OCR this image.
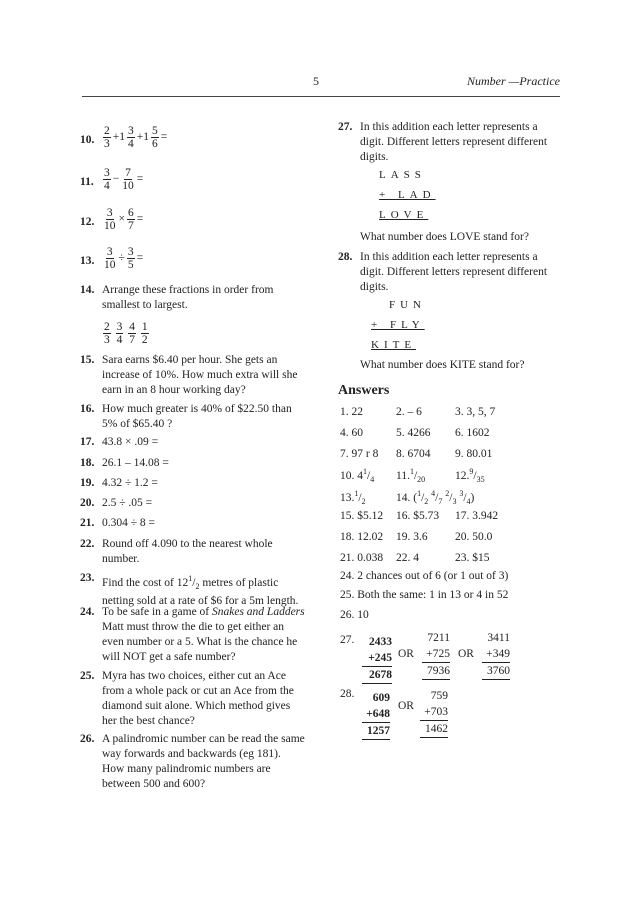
5	Number —Practice
10. $\frac{2}{3} +1 \frac{3}{4} +1 \frac{5}{6}$ =
11. $\frac{3}{4} - \frac{7}{10}$ =
12. $\frac{3}{10} \times \frac{6}{7}$ =
13. $\frac{3}{10} \div \frac{3}{5}$ =
14. Arrange these fractions in order from smallest to largest.
$\frac{2}{3}$
$\frac{3}{4}$
$\frac{4}{7}$
$\frac{1}{2}$
15. Sara earns $6.40 per hour. She gets an increase of 10%. How much extra will she earn in an 8 hour working day?
16. How much greater is 40% of $22.50 than 5% of $65.40 ?
17. 43.8 × .09 =
18. 26.1 – 14.08 =
19. 4.32 ÷ 1.2 =
20. 2.5 ÷ .05 =
21. 0.304 ÷ 8 =
22. Round off 4.090 to the nearest whole number.
23. Find the cost of $12^1/_2$ metres of plastic netting sold at a rate of $6 for a 5m length.
24. To be safe in a game of Snakes and Ladders Matt must throw the die to get either an even number or a 5. What is the chance he will NOT get a safe number?
25. Myra has two choices, either cut an Ace from a whole pack or cut an Ace from the diamond suit alone. Which method gives her the best chance?
26. A palindromic number can be read the same way forwards and backwards (eg 181). How many palindromic numbers are between 500 and 600?
27. In this addition each letter represents a digit. Different letters represent different digits.
LASS
+ LAD
LOVE
What number does LOVE stand for?
28. In this addition each letter represents a digit. Different letters represent different digits.
FUN
+ FLY
KITE
What number does KITE stand for?
Answers
1. 22	2. – 6	3. 3, 5, 7
4. 60	5. 4266	6. 1602
7. 97 r 8	8. 6704	9. 80.01
10. $4^1/_4$	$11.^1/_{20}$	$12.^9/_{35}$
$13.^1/_2$	14. ($^1/_2$ $^4/_7$ $^2/_3$ $^3/_4$)
15. $5.12	16. $5.73	17. 3.942
18. 12.02	19. 3.6	20. 50.0
21. 0.038	22. 4	23. $15
24. 2 chances out of 6 (or 1 out of 3)
25. Both the same: 1 in 13 or 4 in 52
26. 10
27.	2433
+245
2678
OR
7211
+725
7936
OR
3411
+349
3760
28.	609
+648
1257
OR
759
+703
1462
